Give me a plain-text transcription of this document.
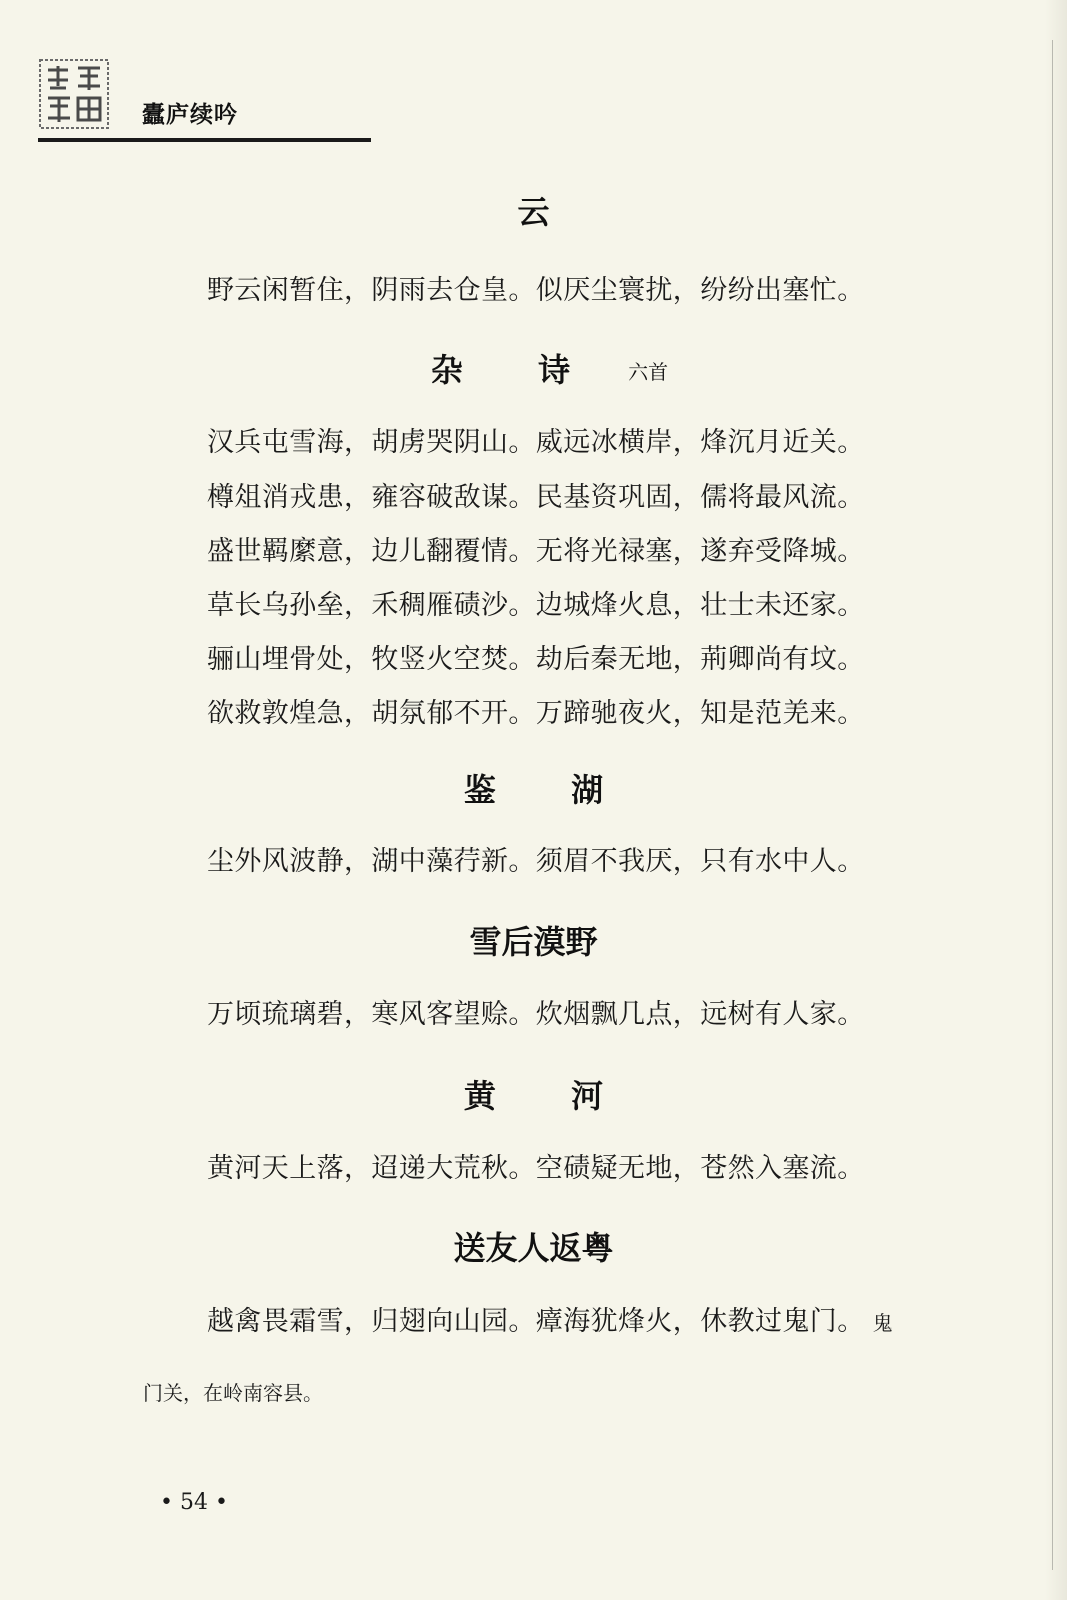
蠹庐续吟
云
野云闲暂住，阴雨去仓皇。似厌尘寰扰，纷纷出塞忙。
杂 诗 六首
汉兵屯雪海，胡虏哭阴山。威远冰横岸，烽沉月近关。
樽俎消戎患，雍容破敌谋。民基资巩固，儒将最风流。
盛世羁縻意，边儿翻覆情。无将光禄塞，遂弃受降城。
草长乌孙垒，禾稠雁碛沙。边城烽火息，壮士未还家。
骊山埋骨处，牧竖火空焚。劫后秦无地，荊卿尚有坟。
欲救敦煌急，胡氛郁不开。万蹄驰夜火，知是范羌来。
鉴 湖
尘外风波静，湖中藻荇新。须眉不我厌，只有水中人。
雪后漠野
万顷琉璃碧，寒风客望赊。炊烟飘几点，远树有人家。
黄 河
黄河天上落，迢递大荒秋。空碛疑无地，苍然入塞流。
送友人返粤
越禽畏霜雪，归翅向山园。瘴海犹烽火，休教过鬼门。 鬼
门关，在岭南容县。
• 54 •
